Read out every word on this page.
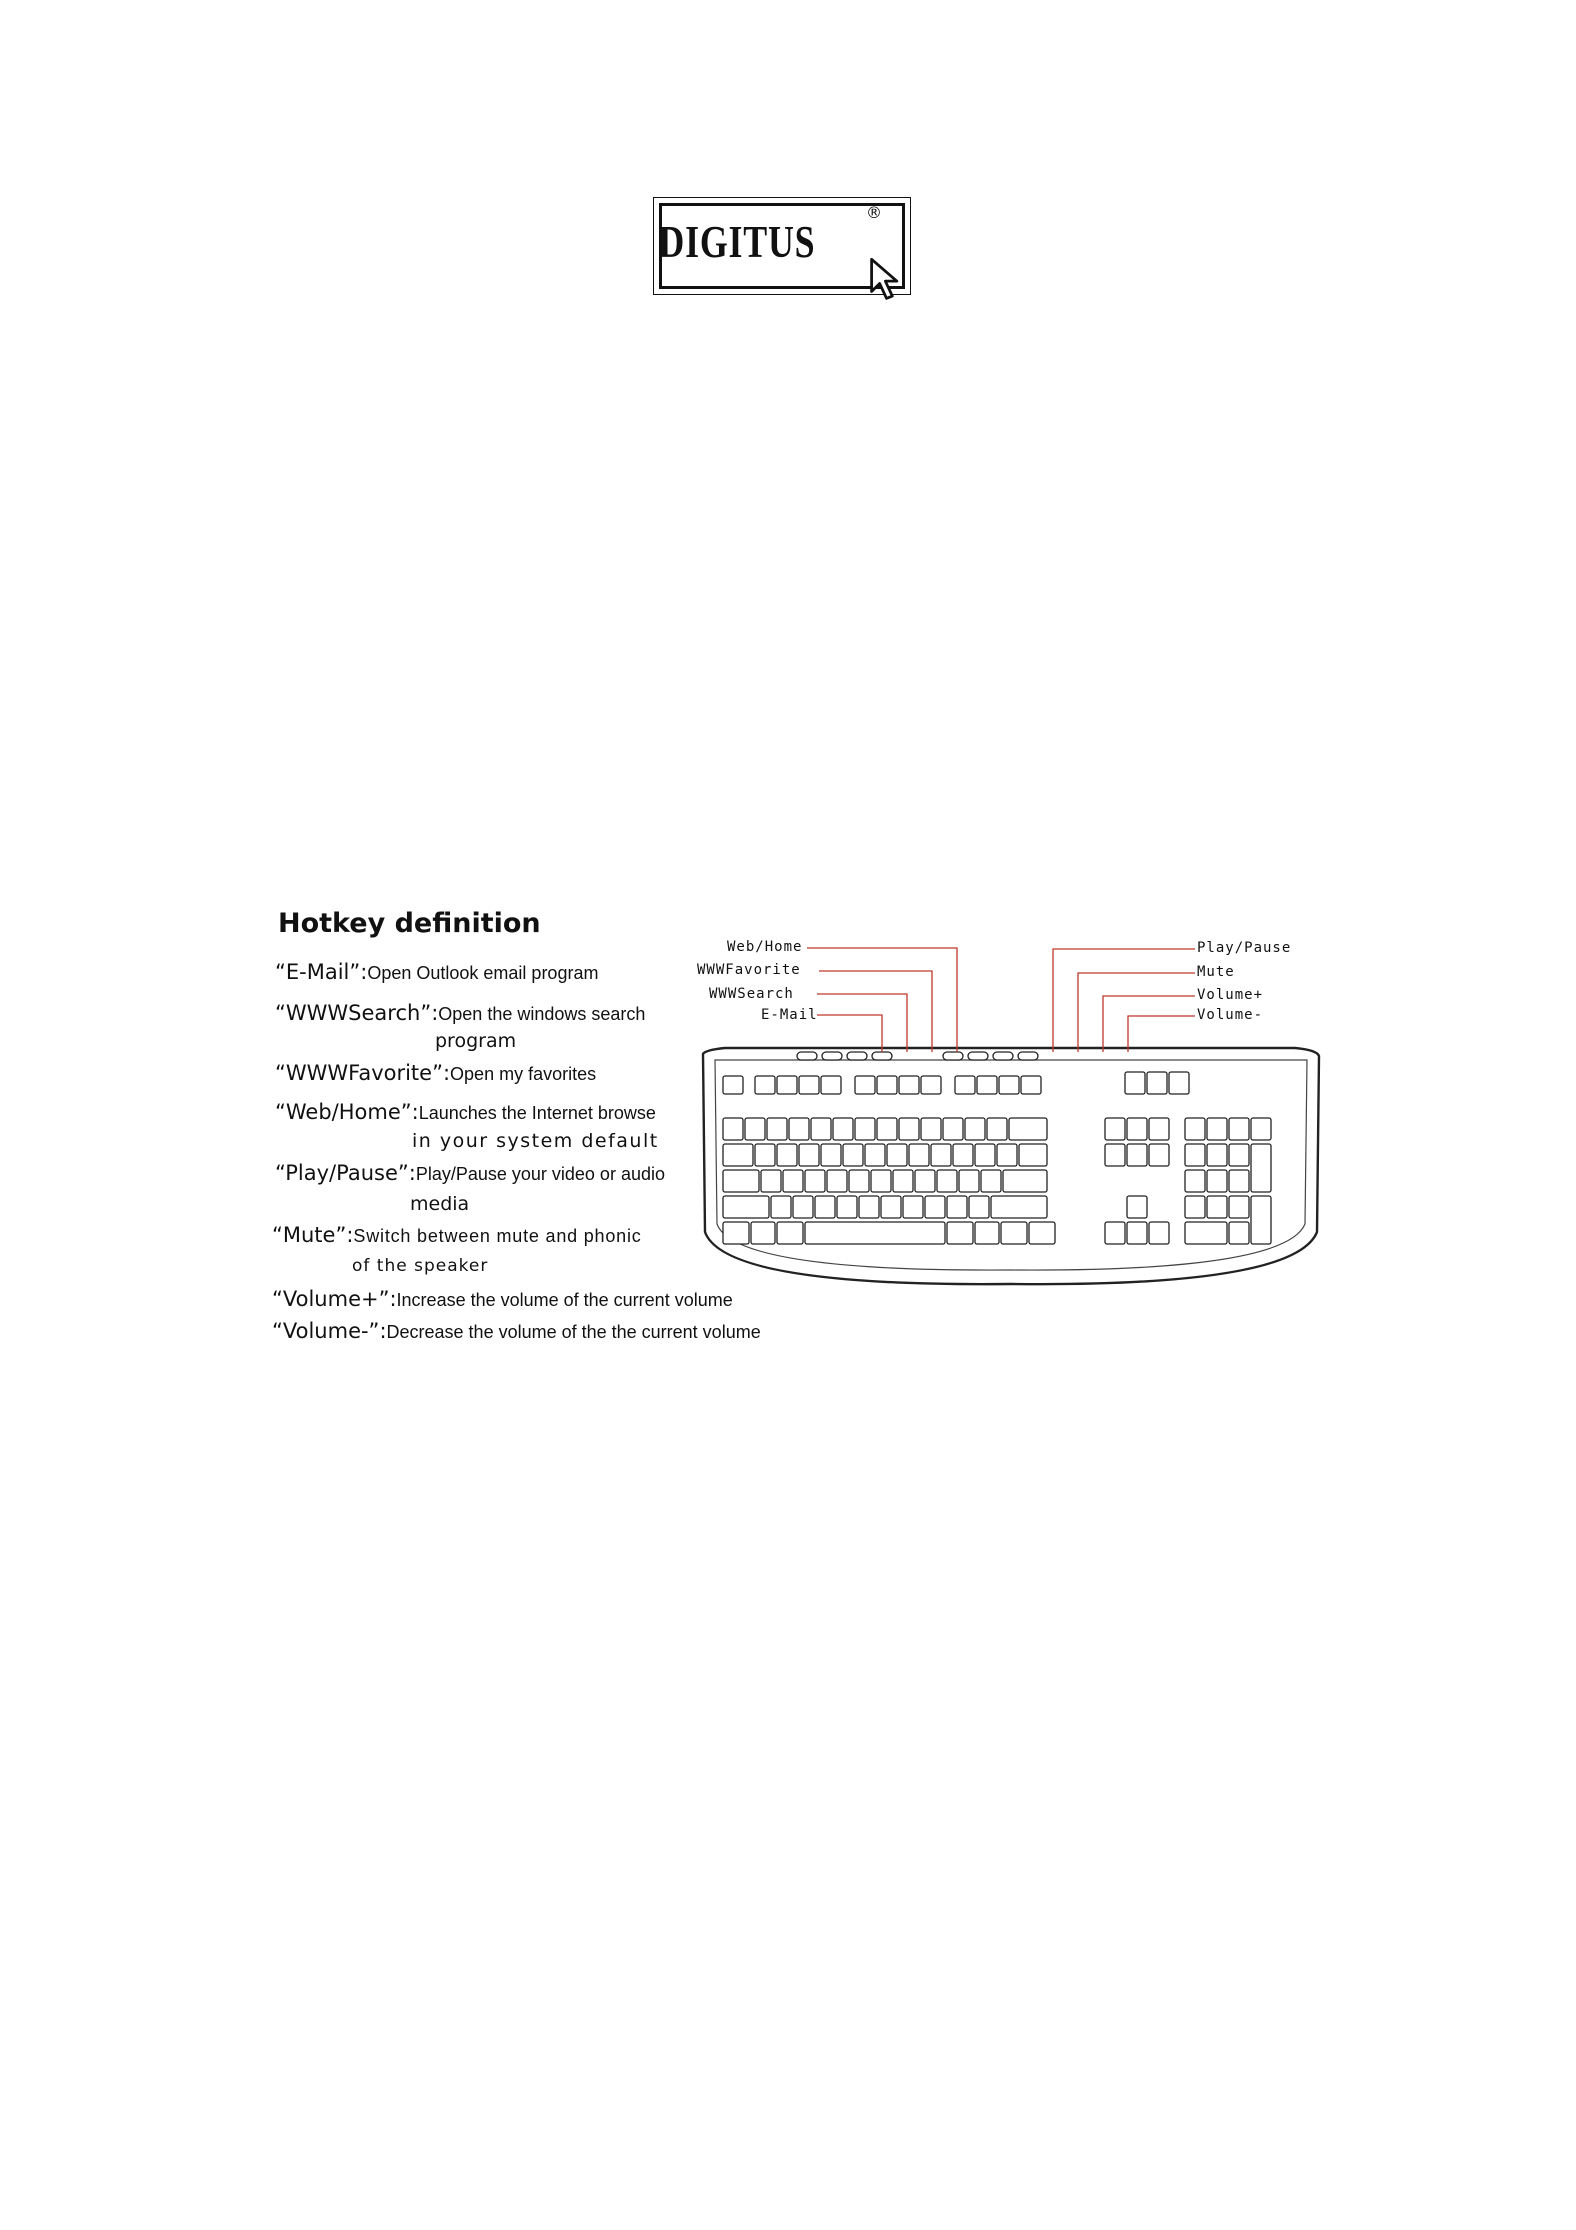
DIGITUS
®
Hotkey definition
“E-Mail”:Open Outlook email program
“WWWSearch”:Open the windows search
program
“WWWFavorite”:Open my favorites
“Web/Home”:Launches the Internet browse
in your system default
“Play/Pause”:Play/Pause your video or audio
media
“Mute”:Switch between mute and phonic
of the speaker
“Volume+”:Increase the volume of the current volume
“Volume-”:Decrease the volume of the the current volume
Web/Home
WWWFavorite
WWWSearch
E-Mail
Play/Pause
Mute
Volume+
Volume-
